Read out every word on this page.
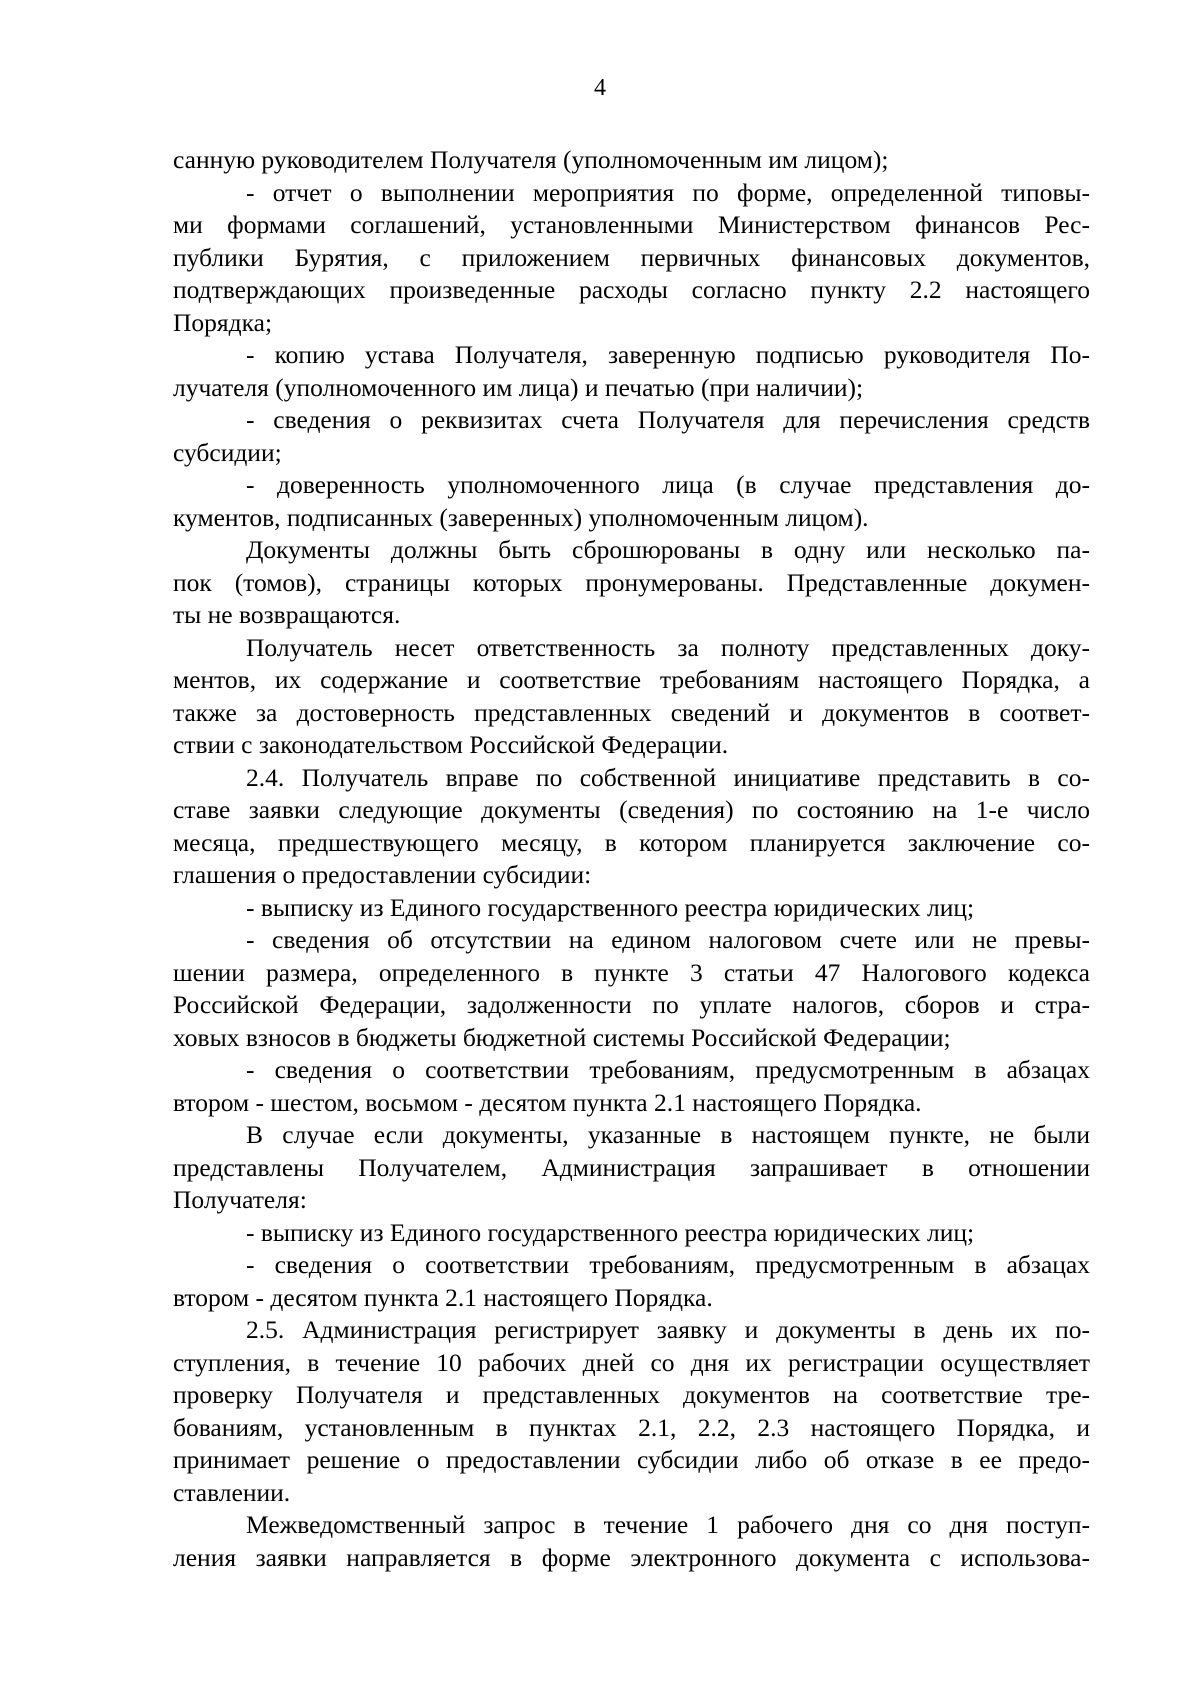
4
санную руководителем Получателя (уполномоченным им лицом);
- отчет о выполнении мероприятия по форме, определенной типовы-
ми формами соглашений, установленными Министерством финансов Рес-
публики Бурятия, с приложением первичных финансовых документов,
подтверждающих произведенные расходы согласно пункту 2.2 настоящего
Порядка;
- копию устава Получателя, заверенную подписью руководителя По-
лучателя (уполномоченного им лица) и печатью (при наличии);
- сведения о реквизитах счета Получателя для перечисления средств
субсидии;
- доверенность уполномоченного лица (в случае представления до-
кументов, подписанных (заверенных) уполномоченным лицом).
Документы должны быть сброшюрованы в одну или несколько па-
пок (томов), страницы которых пронумерованы. Представленные докумен-
ты не возвращаются.
Получатель несет ответственность за полноту представленных доку-
ментов, их содержание и соответствие требованиям настоящего Порядка, а
также за достоверность представленных сведений и документов в соответ-
ствии с законодательством Российской Федерации.
2.4. Получатель вправе по собственной инициативе представить в со-
ставе заявки следующие документы (сведения) по состоянию на 1-е число
месяца, предшествующего месяцу, в котором планируется заключение со-
глашения о предоставлении субсидии:
- выписку из Единого государственного реестра юридических лиц;
- сведения об отсутствии на едином налоговом счете или не превы-
шении размера, определенного в пункте 3 статьи 47 Налогового кодекса
Российской Федерации, задолженности по уплате налогов, сборов и стра-
ховых взносов в бюджеты бюджетной системы Российской Федерации;
- сведения о соответствии требованиям, предусмотренным в абзацах
втором - шестом, восьмом - десятом пункта 2.1 настоящего Порядка.
В случае если документы, указанные в настоящем пункте, не были
представлены Получателем, Администрация запрашивает в отношении
Получателя:
- выписку из Единого государственного реестра юридических лиц;
- сведения о соответствии требованиям, предусмотренным в абзацах
втором - десятом пункта 2.1 настоящего Порядка.
2.5. Администрация регистрирует заявку и документы в день их по-
ступления, в течение 10 рабочих дней со дня их регистрации осуществляет
проверку Получателя и представленных документов на соответствие тре-
бованиям, установленным в пунктах 2.1, 2.2, 2.3 настоящего Порядка, и
принимает решение о предоставлении субсидии либо об отказе в ее предо-
ставлении.
Межведомственный запрос в течение 1 рабочего дня со дня поступ-
ления заявки направляется в форме электронного документа с использова-
